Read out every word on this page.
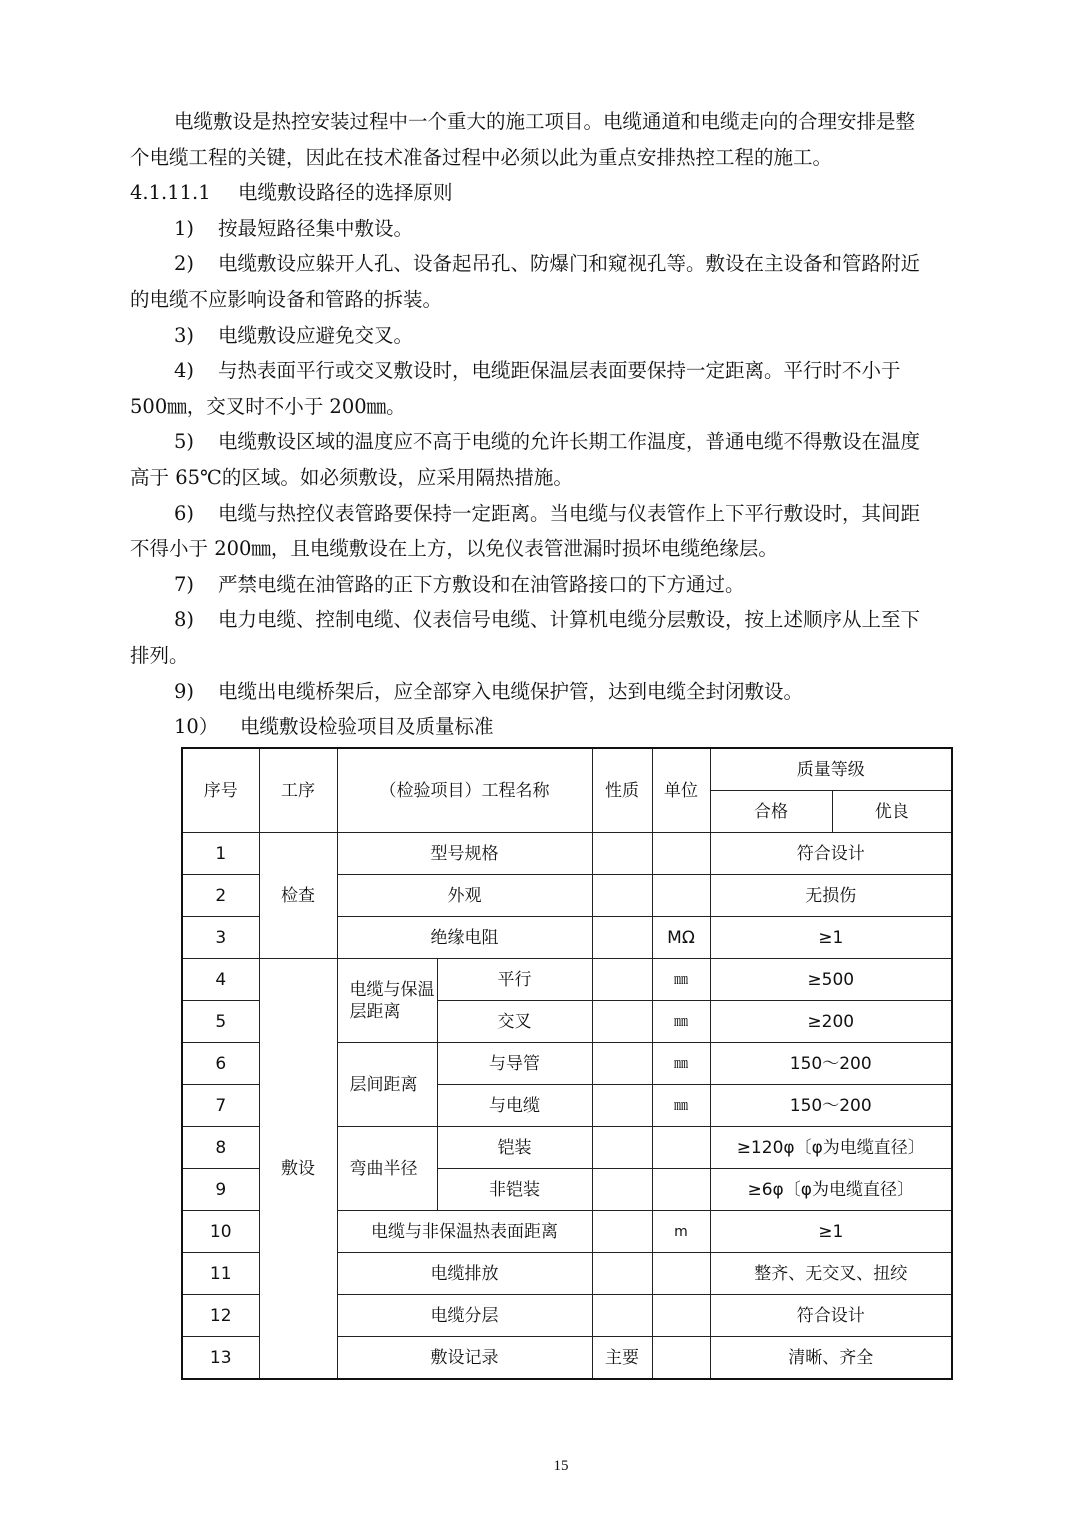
电缆敷设是热控安装过程中一个重大的施工项目。电缆通道和电缆走向的合理安排是整
个电缆工程的关键，因此在技术准备过程中必须以此为重点安排热控工程的施工。
4.1.11.1 电缆敷设路径的选择原则
1) 按最短路径集中敷设。
2) 电缆敷设应躲开人孔、设备起吊孔、防爆门和窥视孔等。敷设在主设备和管路附近
的电缆不应影响设备和管路的拆装。
3) 电缆敷设应避免交叉。
4) 与热表面平行或交叉敷设时，电缆距保温层表面要保持一定距离。平行时不小于
500㎜，交叉时不小于 200㎜。
5) 电缆敷设区域的温度应不高于电缆的允许长期工作温度，普通电缆不得敷设在温度
高于 65℃的区域。如必须敷设，应采用隔热措施。
6) 电缆与热控仪表管路要保持一定距离。当电缆与仪表管作上下平行敷设时，其间距
不得小于 200㎜，且电缆敷设在上方，以免仪表管泄漏时损坏电缆绝缘层。
7) 严禁电缆在油管路的正下方敷设和在油管路接口的下方通过。
8) 电力电缆、控制电缆、仪表信号电缆、计算机电缆分层敷设，按上述顺序从上至下
排列。
9) 电缆出电缆桥架后，应全部穿入电缆保护管，达到电缆全封闭敷设。
10） 电缆敷设检验项目及质量标准
序号	工序	（检验项目）工程名称		性质	单位	质量等级	
						合格	优良
1	检查	型号规格				符合设计	
2		外观				无损伤	
3		绝缘电阻			MΩ	≥1	
4	敷设	电缆与保温层距离	平行		㎜	≥500	
5			交叉		㎜	≥200	
6		层间距离	与导管		㎜	150～200	
7			与电缆		㎜	150～200	
8		弯曲半径	铠装			≥120φ〔φ为电缆直径〕	
9			非铠装			≥6φ〔φ为电缆直径〕	
10		电缆与非保温热表面距离			m	≥1	
11		电缆排放				整齐、无交叉、扭绞	
12		电缆分层				符合设计	
13		敷设记录		主要		清晰、齐全	
15
